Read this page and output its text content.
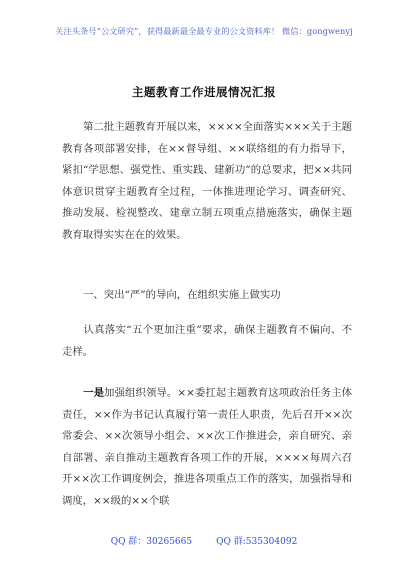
关注头条号“公文研究”，获得最新最全最专业的公文资料库！ 微信：gongwenyj
主题教育工作进展情况汇报
第二批主题教育开展以来，××××全面落实×××关于主题教育各项部署安排，在××督导组、××联络组的有力指导下，紧扣“学思想、强党性、重实践、建新功”的总要求，把××共同体意识贯穿主题教育全过程，一体推进理论学习、调查研究、推动发展、检视整改、建章立制五项重点措施落实，确保主题教育取得实实在在的效果。
一、突出“严”的导向，在组织实施上做实功
认真落实“五个更加注重”要求，确保主题教育不偏向、不走样。
一是加强组织领导。××委扛起主题教育这项政治任务主体责任，××作为书记认真履行第一责任人职责，先后召开××次常委会、××次领导小组会、××次工作推进会，亲自研究、亲自部署、亲自推动主题教育各项工作的开展，××××每周六召开××次工作调度例会，推进各项重点工作的落实，加强指导和调度，××级的××个联
QQ 群：30265665	QQ 群:535304092
